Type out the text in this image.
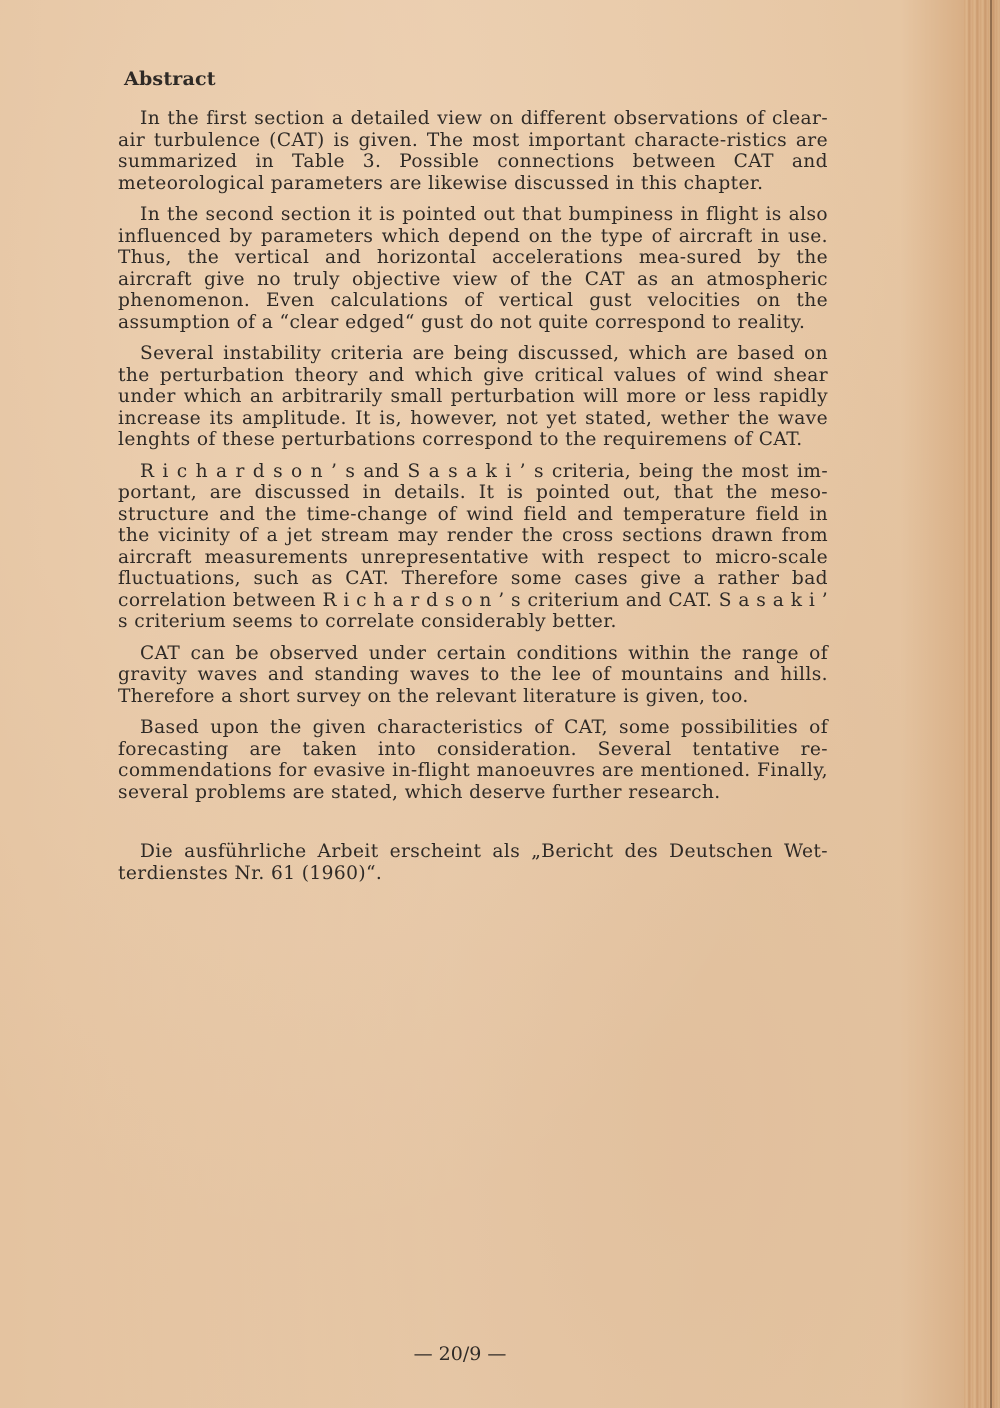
Abstract

In the first section a detailed view on different observations of clear-air turbulence (CAT) is given. The most important characte-ristics are summarized in Table 3. Possible connections between CAT and meteorological parameters are likewise discussed in this chapter.

In the second section it is pointed out that bumpiness in flight is also influenced by parameters which depend on the type of aircraft in use. Thus, the vertical and horizontal accelerations mea-sured by the aircraft give no truly objective view of the CAT as an atmospheric phenomenon. Even calculations of vertical gust velocities on the assumption of a “clear edged“ gust do not quite correspond to reality.

Several instability criteria are being discussed, which are based on the perturbation theory and which give critical values of wind shear under which an arbitrarily small perturbation will more or less rapidly increase its amplitude. It is, however, not yet stated, wether the wave lenghts of these perturbations correspond to the requiremens of CAT.

R i c h a r d s o n ’ s and S a s a k i ’ s criteria, being the most im-portant, are discussed in details. It is pointed out, that the meso-structure and the time-change of wind field and temperature field in the vicinity of a jet stream may render the cross sections drawn from aircraft measurements unrepresentative with respect to micro-scale fluctuations, such as CAT. Therefore some cases give a rather bad correlation between R i c h a r d s o n ’ s criterium and CAT. S a s a k i ’ s criterium seems to correlate considerably better.

CAT can be observed under certain conditions within the range of gravity waves and standing waves to the lee of mountains and hills. Therefore a short survey on the relevant literature is given, too.

Based upon the given characteristics of CAT, some possibilities of forecasting are taken into consideration. Several tentative re-commendations for evasive in-flight manoeuvres are mentioned. Finally, several problems are stated, which deserve further research.

Die ausführliche Arbeit erscheint als „Bericht des Deutschen Wet-terdienstes Nr. 61 (1960)“.

— 20/9 —
